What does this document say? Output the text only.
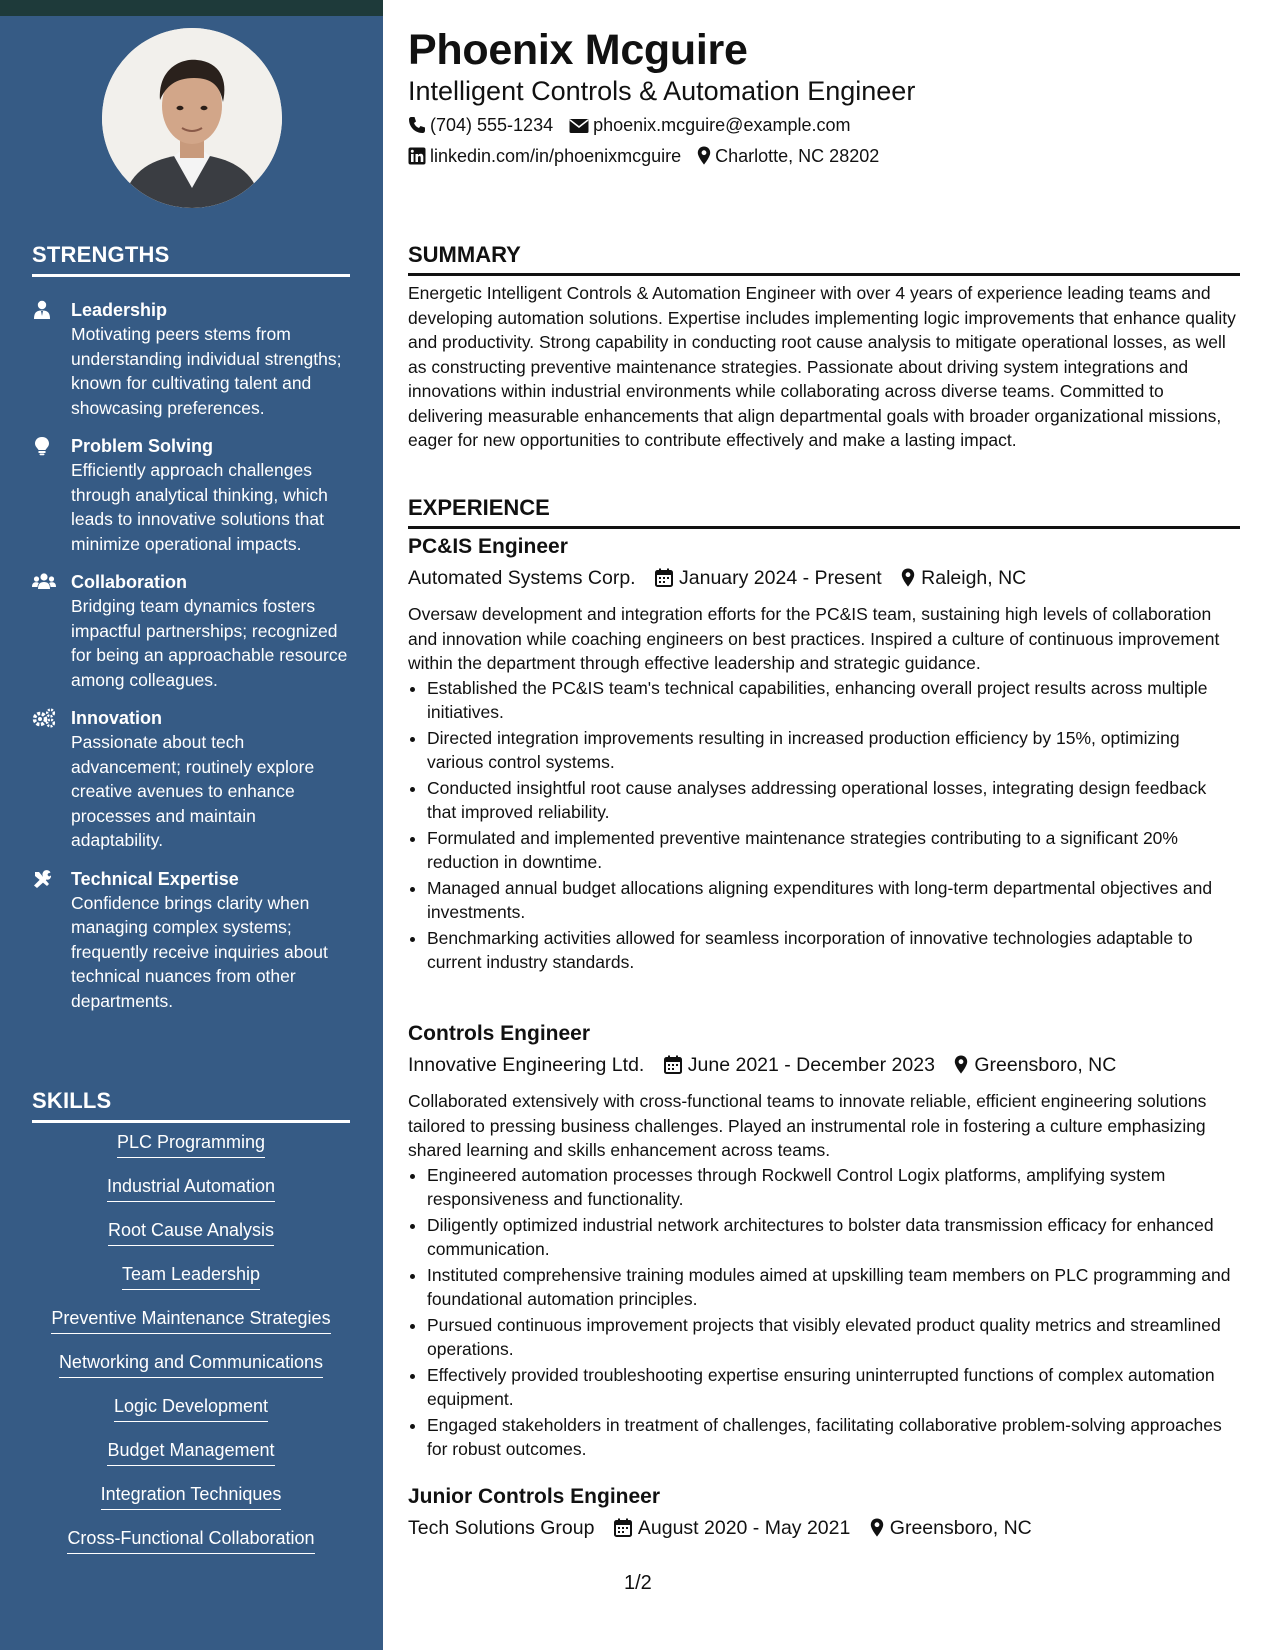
STRENGTHS
Leadership
Motivating peers stems from understanding individual strengths; known for cultivating talent and showcasing preferences.
Problem Solving
Efficiently approach challenges through analytical thinking, which leads to innovative solutions that minimize operational impacts.
Collaboration
Bridging team dynamics fosters impactful partnerships; recognized for being an approachable resource among colleagues.
Innovation
Passionate about tech advancement; routinely explore creative avenues to enhance processes and maintain adaptability.
Technical Expertise
Confidence brings clarity when managing complex systems; frequently receive inquiries about technical nuances from other departments.
SKILLS
PLC Programming
Industrial Automation
Root Cause Analysis
Team Leadership
Preventive Maintenance Strategies
Networking and Communications
Logic Development
Budget Management
Integration Techniques
Cross-Functional Collaboration
Phoenix Mcguire
Intelligent Controls & Automation Engineer
(704) 555-1234 phoenix.mcguire@example.com
linkedin.com/in/phoenixmcguire Charlotte, NC 28202
SUMMARY
Energetic Intelligent Controls & Automation Engineer with over 4 years of experience leading teams and developing automation solutions. Expertise includes implementing logic improvements that enhance quality and productivity. Strong capability in conducting root cause analysis to mitigate operational losses, as well as constructing preventive maintenance strategies. Passionate about driving system integrations and innovations within industrial environments while collaborating across diverse teams. Committed to delivering measurable enhancements that align departmental goals with broader organizational missions, eager for new opportunities to contribute effectively and make a lasting impact.
EXPERIENCE
PC&IS Engineer
Automated Systems Corp. January 2024 - Present Raleigh, NC
Oversaw development and integration efforts for the PC&IS team, sustaining high levels of collaboration and innovation while coaching engineers on best practices. Inspired a culture of continuous improvement within the department through effective leadership and strategic guidance.
• Established the PC&IS team's technical capabilities, enhancing overall project results across multiple initiatives.
• Directed integration improvements resulting in increased production efficiency by 15%, optimizing various control systems.
• Conducted insightful root cause analyses addressing operational losses, integrating design feedback that improved reliability.
• Formulated and implemented preventive maintenance strategies contributing to a significant 20% reduction in downtime.
• Managed annual budget allocations aligning expenditures with long-term departmental objectives and investments.
• Benchmarking activities allowed for seamless incorporation of innovative technologies adaptable to current industry standards.
Controls Engineer
Innovative Engineering Ltd. June 2021 - December 2023 Greensboro, NC
Collaborated extensively with cross-functional teams to innovate reliable, efficient engineering solutions tailored to pressing business challenges. Played an instrumental role in fostering a culture emphasizing shared learning and skills enhancement across teams.
• Engineered automation processes through Rockwell Control Logix platforms, amplifying system responsiveness and functionality.
• Diligently optimized industrial network architectures to bolster data transmission efficacy for enhanced communication.
• Instituted comprehensive training modules aimed at upskilling team members on PLC programming and foundational automation principles.
• Pursued continuous improvement projects that visibly elevated product quality metrics and streamlined operations.
• Effectively provided troubleshooting expertise ensuring uninterrupted functions of complex automation equipment.
• Engaged stakeholders in treatment of challenges, facilitating collaborative problem-solving approaches for robust outcomes.
Junior Controls Engineer
Tech Solutions Group August 2020 - May 2021 Greensboro, NC
1/2
